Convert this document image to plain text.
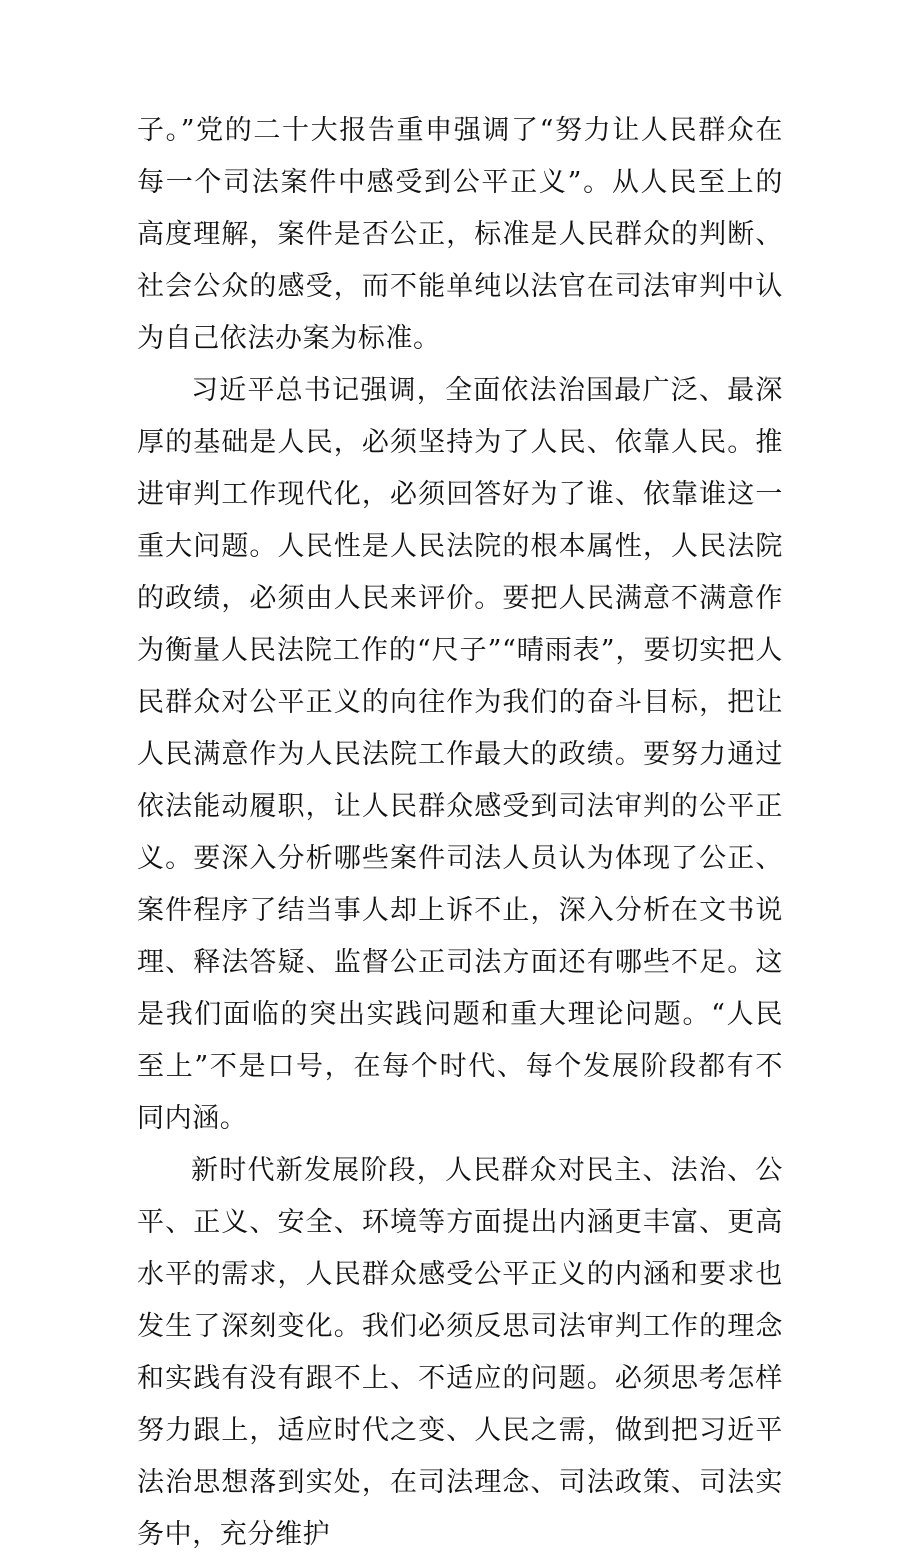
子。”党的二十大报告重申强调了“努力让人民群众在每一个司法案件中感受到公平正义”。从人民至上的高度理解，案件是否公正，标准是人民群众的判断、社会公众的感受，而不能单纯以法官在司法审判中认为自己依法办案为标准。

习近平总书记强调，全面依法治国最广泛、最深厚的基础是人民，必须坚持为了人民、依靠人民。推进审判工作现代化，必须回答好为了谁、依靠谁这一重大问题。人民性是人民法院的根本属性，人民法院的政绩，必须由人民来评价。要把人民满意不满意作为衡量人民法院工作的“尺子”“晴雨表”，要切实把人民群众对公平正义的向往作为我们的奋斗目标，把让人民满意作为人民法院工作最大的政绩。要努力通过依法能动履职，让人民群众感受到司法审判的公平正义。要深入分析哪些案件司法人员认为体现了公正、案件程序了结当事人却上诉不止，深入分析在文书说理、释法答疑、监督公正司法方面还有哪些不足。这是我们面临的突出实践问题和重大理论问题。“人民至上”不是口号，在每个时代、每个发展阶段都有不同内涵。

新时代新发展阶段，人民群众对民主、法治、公平、正义、安全、环境等方面提出内涵更丰富、更高水平的需求，人民群众感受公平正义的内涵和要求也发生了深刻变化。我们必须反思司法审判工作的理念和实践有没有跟不上、不适应的问题。必须思考怎样努力跟上，适应时代之变、人民之需，做到把习近平法治思想落到实处，在司法理念、司法政策、司法实务中，充分维护
